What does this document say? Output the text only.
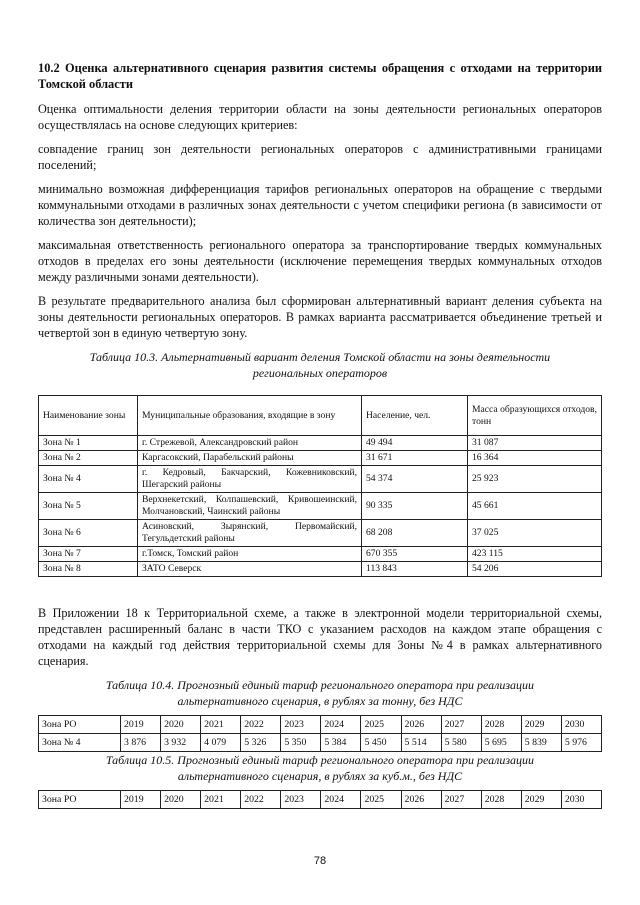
10.2 Оценка альтернативного сценария развития системы обращения с отходами на территории Томской области

Оценка оптимальности деления территории области на зоны деятельности региональных операторов осуществлялась на основе следующих критериев:

совпадение границ зон деятельности региональных операторов с административными границами поселений;

минимально возможная дифференциация тарифов региональных операторов на обращение с твердыми коммунальными отходами в различных зонах деятельности с учетом специфики региона (в зависимости от количества зон деятельности);

максимальная ответственность регионального оператора за транспортирование твердых коммунальных отходов в пределах его зоны деятельности (исключение перемещения твердых коммунальных отходов между различными зонами деятельности).

В результате предварительного анализа был сформирован альтернативный вариант деления субъекта на зоны деятельности региональных операторов. В рамках варианта рассматривается объединение третьей и четвертой зон в единую четвертую зону.

Таблица 10.3. Альтернативный вариант деления Томской области на зоны деятельности региональных операторов
Наименование зоны	Муниципальные образования, входящие в зону	Население, чел.	Масса образующихся отходов, тонн
Зона № 1	г. Стрежевой, Александровский район	49 494	31 087
Зона № 2	Каргасокский, Парабельский районы	31 671	16 364
Зона № 4	г. Кедровый, Бакчарский, Кожевниковский, Шегарский районы	54 374	25 923
Зона № 5	Верхнекетский, Колпашевский, Кривошеинский, Молчановский, Чаинский районы	90 335	45 661
Зона № 6	Асиновский, Зырянский, Первомайский, Тегульдетский районы	68 208	37 025
Зона № 7	г.Томск, Томский район	670 355	423 115
Зона № 8	ЗАТО Северск	113 843	54 206

В Приложении 18 к Территориальной схеме, а также в электронной модели территориальной схемы, представлен расширенный баланс в части ТКО с указанием расходов на каждом этапе обращения с отходами на каждый год действия территориальной схемы для Зоны №4 в рамках альтернативного сценария.

Таблица 10.4. Прогнозный единый тариф регионального оператора при реализации альтернативного сценария, в рублях за тонну, без НДС
Зона РО	2019	2020	2021	2022	2023	2024	2025	2026	2027	2028	2029	2030
Зона № 4	3 876	3 932	4 079	5 326	5 350	5 384	5 450	5 514	5 580	5 695	5 839	5 976
Таблица 10.5. Прогнозный единый тариф регионального оператора при реализации альтернативного сценария, в рублях за куб.м., без НДС
Зона РО	2019	2020	2021	2022	2023	2024	2025	2026	2027	2028	2029	2030
78
